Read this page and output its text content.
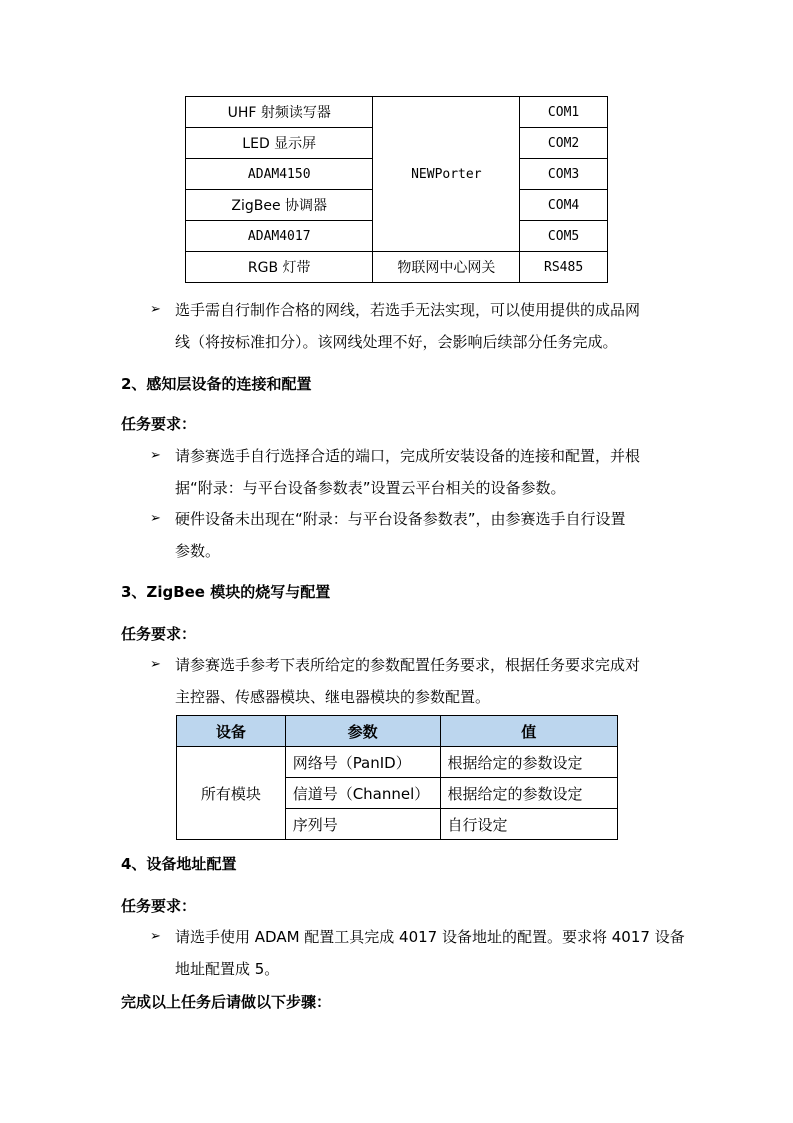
UHF 射频读写器	NEWPorter	COM1
LED 显示屏		COM2
ADAM4150		COM3
ZigBee 协调器		COM4
ADAM4017		COM5
RGB 灯带	物联网中心网关	RS485
➢ 选手需自行制作合格的网线，若选手无法实现，可以使用提供的成品网
线（将按标准扣分）。该网线处理不好，会影响后续部分任务完成。
2、感知层设备的连接和配置
任务要求：
➢ 请参赛选手自行选择合适的端口，完成所安装设备的连接和配置，并根
据“附录：与平台设备参数表”设置云平台相关的设备参数。
➢ 硬件设备未出现在“附录：与平台设备参数表”，由参赛选手自行设置
参数。
3、ZigBee 模块的烧写与配置
任务要求：
➢ 请参赛选手参考下表所给定的参数配置任务要求，根据任务要求完成对
主控器、传感器模块、继电器模块的参数配置。
设备	参数	值
所有模块	网络号（PanID）	根据给定的参数设定
	信道号（Channel）	根据给定的参数设定
	序列号	自行设定
4、设备地址配置
任务要求：
➢ 请选手使用 ADAM 配置工具完成 4017 设备地址的配置。要求将 4017 设备
地址配置成 5。
完成以上任务后请做以下步骤：
